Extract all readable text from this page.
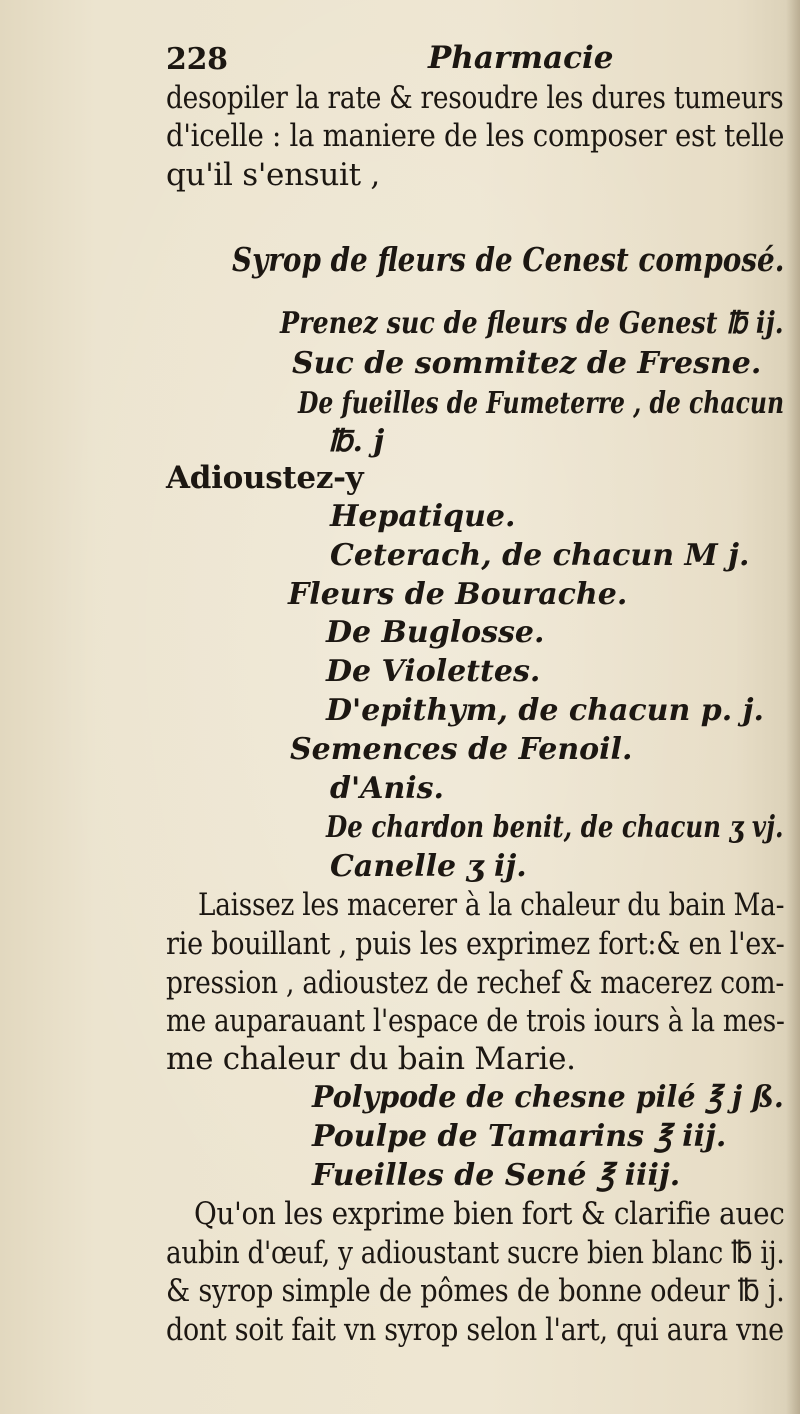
228	Pharmacie
desopiler la rate & resoudre les dures tumeurs
d'icelle : la maniere de les composer est telle
qu'il s'ensuit ,
Syrop de fleurs de Cenest composé.
Prenez suc de fleurs de Genest ℔ ij.
Suc de sommitez de Fresne.
De fueilles de Fumeterre , de chacun
℔. j
Adioustez-y
Hepatique.
Ceterach, de chacun M j.
Fleurs de Bourache.
De Buglosse.
De Violettes.
D'epithym, de chacun p. j.
Semences de Fenoil.
d'Anis.
De chardon benit, de chacun ʒ vj.
Canelle ʒ ij.
Laissez les macerer à la chaleur du bain Ma-
rie bouillant , puis les exprimez fort:& en l'ex-
pression , adioustez de rechef & macerez com-
me auparauant l'espace de trois iours à la mes-
me chaleur du bain Marie.
Polypode de chesne pilé ℥ j ß.
Poulpe de Tamarins ℥ iij.
Fueilles de Sené ℥ iiij.
Qu'on les exprime bien fort & clarifie auec
aubin d'œuf, y adioustant sucre bien blanc ℔ ij.
& syrop simple de pômes de bonne odeur ℔ j.
dont soit fait vn syrop selon l'art, qui aura vne
